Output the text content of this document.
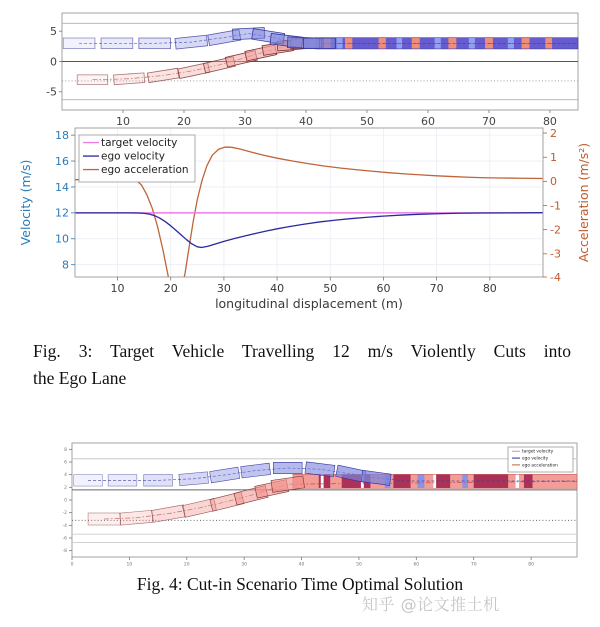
10	20	30	40	50	60	70	80
5
0
-5
10	20	30	40	50	60	70	80
18
16
14
12
10
8
2
1
0
-1
-2
-3
-4
longitudinal displacement (m)
Velocity (m/s)	Acceleration (m/s²)
target velocity
ego velocity
ego acceleration
Fig. 3: Target Vehicle Travelling 12 m/s Violently Cuts into
the Ego Lane
0	10	20	30	40	50	60	70	80
8
6
4
2
0
-2
-4
-6
-8
target velocity
ego velocity
ego acceleration
Fig. 4: Cut-in Scenario Time Optimal Solution
知乎 @论文推土机
